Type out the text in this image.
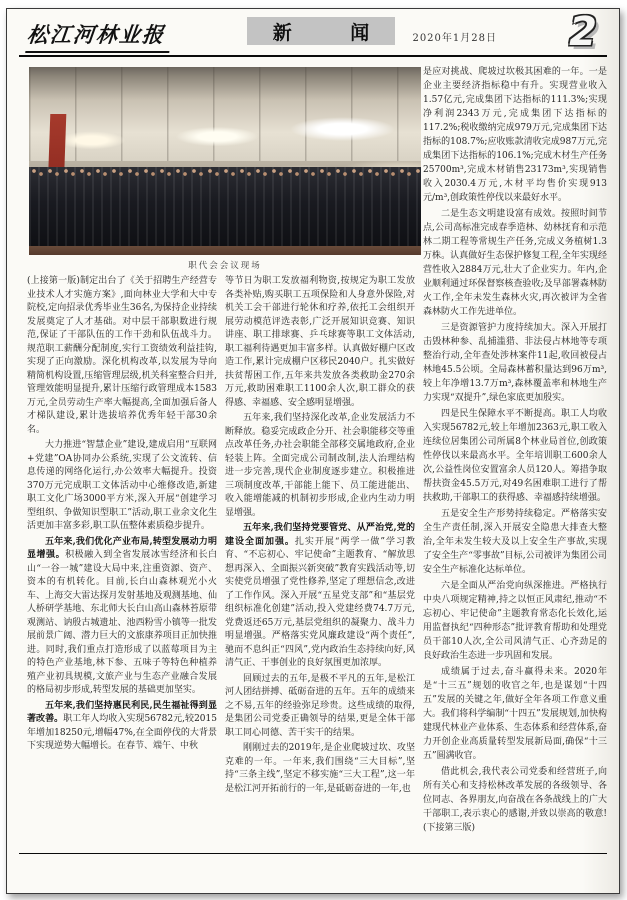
松江河林业报	新 闻 2020年1月28日 2
职代会会议现场

(上接第一版)制定出台了《关于招聘生产经营专业技术人才实施方案》,面向林业大学和大中专院校,定向招录优秀毕业生36名,为保持企业持续发展奠定了人才基础。对中层干部职数进行规范,保证了干部队伍的工作干劲和队伍战斗力。规范职工薪酬分配制度,实行工资绩效利益挂钩,实现了正向激励。深化机构改革,以发展为导向精简机构设置,压缩管理层级,机关科室整合归并,管理效能明显提升,累计压缩行政管理成本1583万元,全员劳动生产率大幅提高,全面加强后备人才梯队建设,累计选拔培养优秀年轻干部30余名。

大力推进“智慧企业”建设,建成启用“互联网+党建”OA协同办公系统,实现了公文流转、信息传递的网络化运行,办公效率大幅提升。投资370万元完成职工文体活动中心维修改造,新建职工文化广场3000平方米,深入开展“创建学习型组织、争做知识型职工”活动,职工业余文化生活更加丰富多彩,职工队伍整体素质稳步提升。

五年来,我们优化产业布局,转型发展动力明显增强。积极融入到全省发展冰雪经济和长白山“一谷一城”建设大局中来,注重资源、资产、资本的有机转化。目前,长白山森林观光小火车、上海交大雷达探月发射基地及观测基地、仙人桥研学基地、东北师大长白山高山森林苔原带观测站、讷殷古城遗址、池西粉雪小镇等一批发展前景广阔、潜力巨大的文旅康养项目正加快推进。同时,我们重点打造形成了以蓝莓项目为主的特色产业基地,林下参、五味子等特色种植养殖产业初具规模,文旅产业与生态产业融合发展的格局初步形成,转型发展的基础更加坚实。

五年来,我们坚持惠民利民,民生福祉得到显著改善。职工年人均收入实现56782元,较2015年增加18250元,增幅47%,在全面停伐的大背景下实现逆势大幅增长。在春节、端午、中秋

等节日为职工发放福利物资,按规定为职工发放各类补贴,购买职工五项保险和人身意外保险,对机关工会干部进行轮休和疗养,依托工会组织开展劳动模范评选表彰,广泛开展知识竞赛、知识讲座、职工排球赛、乒乓球赛等职工文体活动,职工福利待遇更加丰富多样。认真做好棚户区改造工作,累计完成棚户区移民2040户。扎实做好扶贫帮困工作,五年来共发放各类救助金270余万元,救助困难职工1100余人次,职工群众的获得感、幸福感、安全感明显增强。

五年来,我们坚持深化改革,企业发展活力不断释放。稳妥完成政企分开、社会职能移交等重点改革任务,办社会职能全部移交属地政府,企业轻装上阵。全面完成公司制改制,法人治理结构进一步完善,现代企业制度逐步建立。积极推进三项制度改革,干部能上能下、员工能进能出、收入能增能减的机制初步形成,企业内生动力明显增强。

五年来,我们坚持党要管党、从严治党,党的建设全面加强。扎实开展“两学一做”学习教育、“不忘初心、牢记使命”主题教育、“解放思想再深入、全面振兴新突破”教育实践活动等,切实使党员增强了党性修养,坚定了理想信念,改进了工作作风。深入开展“五星党支部”和“基层党组织标准化创建”活动,投入党建经费74.7万元,党费返还65万元,基层党组织的凝聚力、战斗力明显增强。严格落实党风廉政建设“两个责任”,驰而不息纠正“四风”,党内政治生态持续向好,风清气正、干事创业的良好氛围更加浓厚。

回顾过去的五年,是极不平凡的五年,是松江河人团结拼搏、砥砺奋进的五年。五年的成绩来之不易,五年的经验弥足珍贵。这些成绩的取得,是集团公司党委正确领导的结果,更是全体干部职工同心同德、苦干实干的结果。

刚刚过去的2019年,是企业爬坡过坎、攻坚克难的一年。一年来,我们围绕“三大目标”,坚持“三条主线”,坚定不移实施“三大工程”,这一年是松江河开拓前行的一年,是砥砺奋进的一年,也

是应对挑战、爬坡过坎极其困难的一年。一是企业主要经济指标稳中有升。实现营业收入1.57亿元,完成集团下达指标的111.3%;实现净利润2343万元,完成集团下达指标的117.2%;税收缴纳完成979万元,完成集团下达指标的108.7%;应收账款清收完成987万元,完成集团下达指标的106.1%;完成木材生产任务25700m³,完成木材销售23173m³,实现销售收入2030.4万元,木材平均售价实现913元/m³,创政策性停伐以来最好水平。

二是生态文明建设富有成效。按照时间节点,公司高标准完成春季造林、幼林抚育和示范林二期工程等常规生产任务,完成义务植树1.3万株。认真做好生态保护修复工程,全年实现经营性收入2884万元,壮大了企业实力。年内,企业顺利通过环保督察核查验收;及早部署森林防火工作,全年未发生森林火灾,再次被评为全省森林防火工作先进单位。

三是资源管护力度持续加大。深入开展打击毁林种参、乱捕滥猎、非法侵占林地等专项整治行动,全年查处涉林案件11起,收回被侵占林地45.5公顷。全局森林蓄积量达到96万m³,较上年净增13.7万m³,森林覆盖率和林地生产力实现“双提升”,绿色家底更加殷实。

四是民生保障水平不断提高。职工人均收入实现56782元,较上年增加2363元,职工收入连续位居集团公司所属8个林业局首位,创政策性停伐以来最高水平。全年培训职工600余人次,公益性岗位安置富余人员120人。筹措争取帮扶资金45.5万元,对49名困难职工进行了帮扶救助,干部职工的获得感、幸福感持续增强。

五是安全生产形势持续稳定。严格落实安全生产责任制,深入开展安全隐患大排查大整治,全年未发生较大及以上安全生产事故,实现了安全生产“零事故”目标,公司被评为集团公司安全生产标准化达标单位。

六是全面从严治党向纵深推进。严格执行中央八项规定精神,持之以恒正风肃纪,推动“不忘初心、牢记使命”主题教育常态化长效化,运用监督执纪“四种形态”批评教育帮助和处理党员干部10人次,全公司风清气正、心齐劲足的良好政治生态进一步巩固和发展。

成绩属于过去,奋斗赢得未来。2020年是“十三五”规划的收官之年,也是谋划“十四五”发展的关键之年,做好全年各项工作意义重大。我们将科学编制“十四五”发展规划,加快构建现代林业产业体系、生态体系和经营体系,奋力开创企业高质量转型发展新局面,确保“十三五”圆满收官。

借此机会,我代表公司党委和经营班子,向所有关心和支持松林改革发展的各级领导、各位同志、各界朋友,向奋战在各条战线上的广大干部职工,表示衷心的感谢,并致以崇高的敬意!(下接第三版)
